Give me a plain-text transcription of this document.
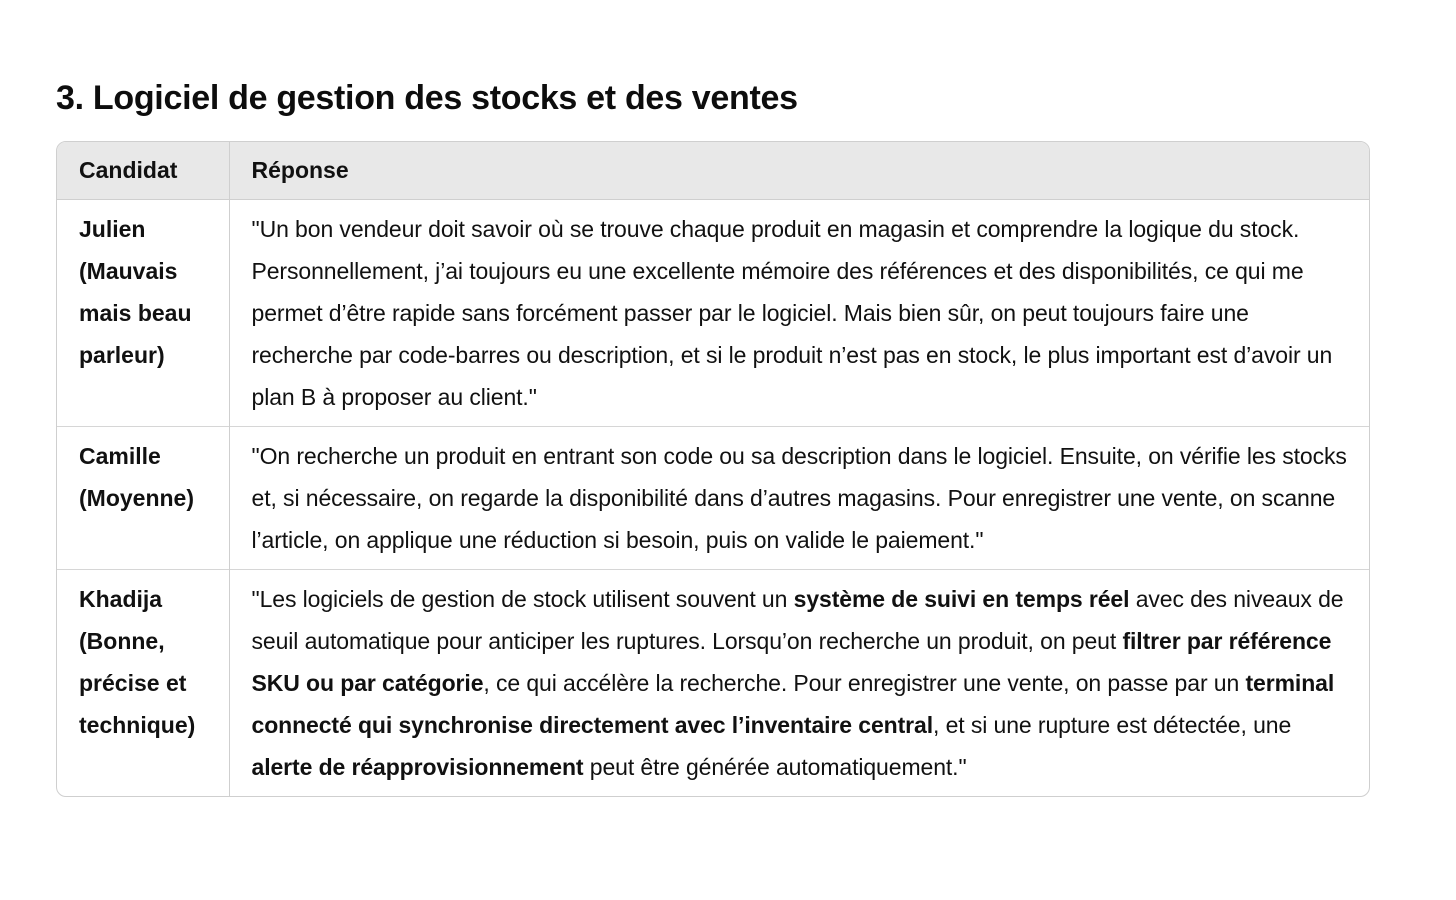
3. Logiciel de gestion des stocks et des ventes
Candidat	Réponse
Julien (Mauvais mais beau parleur)	"Un bon vendeur doit savoir où se trouve chaque produit en magasin et comprendre la logique du stock. Personnellement, j’ai toujours eu une excellente mémoire des références et des disponibilités, ce qui me permet d’être rapide sans forcément passer par le logiciel. Mais bien sûr, on peut toujours faire une recherche par code-barres ou description, et si le produit n’est pas en stock, le plus important est d’avoir un plan B à proposer au client."
Camille (Moyenne)	"On recherche un produit en entrant son code ou sa description dans le logiciel. Ensuite, on vérifie les stocks et, si nécessaire, on regarde la disponibilité dans d’autres magasins. Pour enregistrer une vente, on scanne l’article, on applique une réduction si besoin, puis on valide le paiement."
Khadija (Bonne, précise et technique)	"Les logiciels de gestion de stock utilisent souvent un système de suivi en temps réel avec des niveaux de seuil automatique pour anticiper les ruptures. Lorsqu’on recherche un produit, on peut filtrer par référence SKU ou par catégorie, ce qui accélère la recherche. Pour enregistrer une vente, on passe par un terminal connecté qui synchronise directement avec l’inventaire central, et si une rupture est détectée, une alerte de réapprovisionnement peut être générée automatiquement."
